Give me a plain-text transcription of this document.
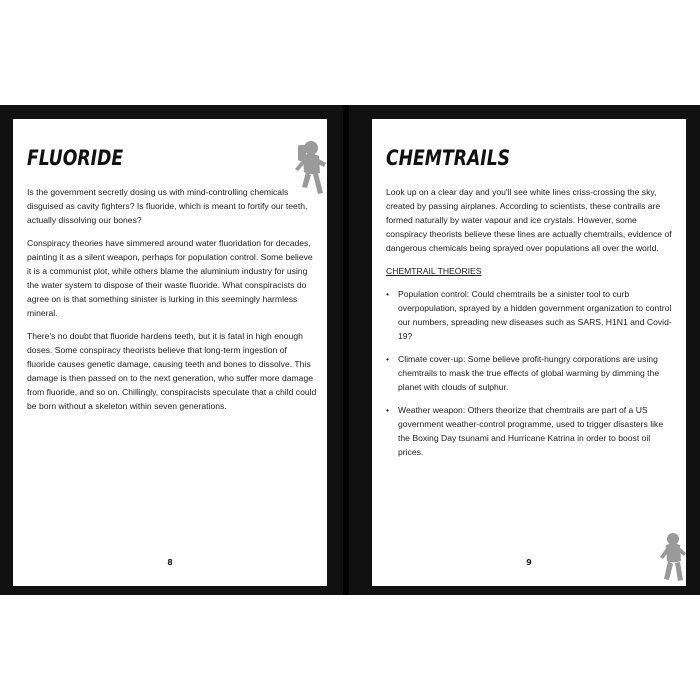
FLUORIDE

Is the government secretly dosing us with mind-controlling chemicals disguised as cavity fighters? Is fluoride, which is meant to fortify our teeth, actually dissolving our bones?

Conspiracy theories have simmered around water fluoridation for decades, painting it as a silent weapon, perhaps for population control. Some believe it is a communist plot, while others blame the aluminium industry for using the water system to dispose of their waste fluoride. What conspiracists do agree on is that something sinister is lurking in this seemingly harmless mineral.

There's no doubt that fluoride hardens teeth, but it is fatal in high enough doses. Some conspiracy theorists believe that long-term ingestion of fluoride causes genetic damage, causing teeth and bones to dissolve. This damage is then passed on to the next generation, who suffer more damage from fluoride, and so on. Chillingly, conspiracists speculate that a child could be born without a skeleton within seven generations.

8
CHEMTRAILS

Look up on a clear day and you'll see white lines criss-crossing the sky, created by passing airplanes. According to scientists, these contrails are formed naturally by water vapour and ice crystals. However, some conspiracy theorists believe these lines are actually chemtrails, evidence of dangerous chemicals being sprayed over populations all over the world.

CHEMTRAIL THEORIES

• Population control: Could chemtrails be a sinister tool to curb overpopulation, sprayed by a hidden government organization to control our numbers, spreading new diseases such as SARS, H1N1 and Covid-19?
• Climate cover-up: Some believe profit-hungry corporations are using chemtrails to mask the true effects of global warming by dimming the planet with clouds of sulphur.
• Weather weapon: Others theorize that chemtrails are part of a US government weather-control programme, used to trigger disasters like the Boxing Day tsunami and Hurricane Katrina in order to boost oil prices.
9
